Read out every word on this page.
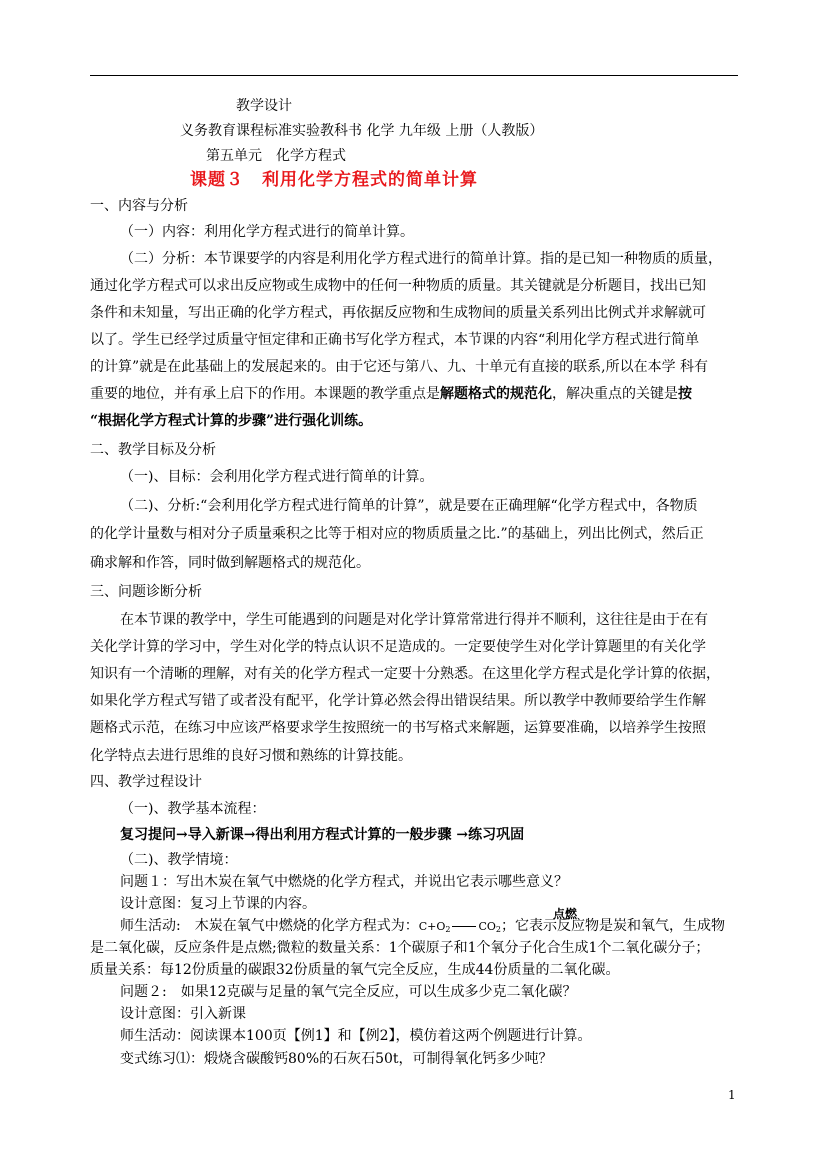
教学设计
义务教育课程标准实验教科书 化学 九年级 上册（人教版）
第五单元　化学方程式
课题３　利用化学方程式的简单计算
一、内容与分析
（一）内容：利用化学方程式进行的简单计算。
（二）分析：本节课要学的内容是利用化学方程式进行的简单计算。指的是已知一种物质的质量，
通过化学方程式可以求出反应物或生成物中的任何一种物质的质量。其关键就是分析题目，找出已知
条件和未知量，写出正确的化学方程式，再依据反应物和生成物间的质量关系列出比例式并求解就可
以了。学生已经学过质量守恒定律和正确书写化学方程式，本节课的内容“利用化学方程式进行简单
的计算”就是在此基础上的发展起来的。由于它还与第八、九、十单元有直接的联系,所以在本学 科有
重要的地位，并有承上启下的作用。本课题的教学重点是解题格式的规范化，解决重点的关键是按
“根据化学方程式计算的步骤”进行强化训练。
二、教学目标及分析
（一)、目标：会利用化学方程式进行简单的计算。
（二)、分析:“会利用化学方程式进行简单的计算”，就是要在正确理解“化学方程式中，各物质
的化学计量数与相对分子质量乘积之比等于相对应的物质质量之比.”的基础上，列出比例式，然后正
确求解和作答，同时做到解题格式的规范化。
三、问题诊断分析
在本节课的教学中，学生可能遇到的问题是对化学计算常常进行得并不顺利，这往往是由于在有
关化学计算的学习中，学生对化学的特点认识不足造成的。一定要使学生对化学计算题里的有关化学
知识有一个清晰的理解，对有关的化学方程式一定要十分熟悉。在这里化学方程式是化学计算的依据，
如果化学方程式写错了或者没有配平，化学计算必然会得出错误结果。所以教学中教师要给学生作解
题格式示范，在练习中应该严格要求学生按照统一的书写格式来解题，运算要准确，以培养学生按照
化学特点去进行思维的良好习惯和熟练的计算技能。
四、教学过程设计
（一)、教学基本流程：
复习提问→导入新课→得出利用方程式计算的一般步骤 →练习巩固
（二)、教学情境：
问题１：写出木炭在氧气中燃烧的化学方程式，并说出它表示哪些意义？
设计意图：复习上节课的内容。
点燃
师生活动:　木炭在氧气中燃烧的化学方程式为：$C+O_2$	$CO_2$；它表示反应物是炭和氧气，生成物
是二氧化碳，反应条件是点燃;微粒的数量关系：1个碳原子和1个氧分子化合生成1个二氧化碳分子；
质量关系：每12份质量的碳跟32份质量的氧气完全反应，生成44份质量的二氧化碳。
问题２:　如果12克碳与足量的氧气完全反应，可以生成多少克二氧化碳？
设计意图：引入新课
师生活动：阅读课本100页【例1】和【例2】，模仿着这两个例题进行计算。
变式练习⑴：煅烧含碳酸钙80%的石灰石50t，可制得氧化钙多少吨？
1
